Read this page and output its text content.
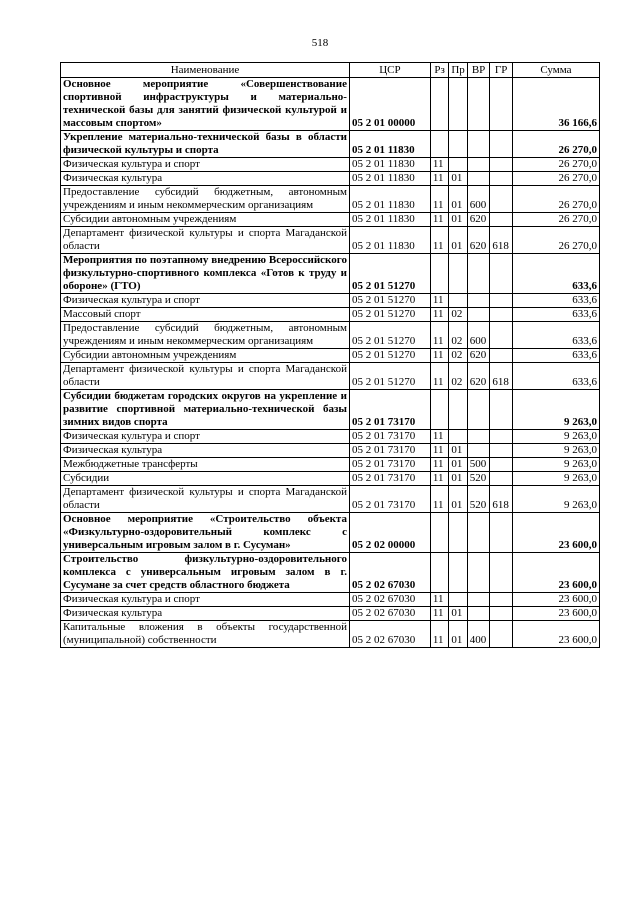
518
Наименование	ЦСР	Рз	Пр	ВР	ГР	Сумма
Основное мероприятие «Совершенствование спортивной инфраструктуры и материально-технической базы для занятий физической культурой и массовым спортом»	05 2 01 00000					36 166,6
Укрепление материально-технической базы в области физической культуры и спорта	05 2 01 11830					26 270,0
Физическая культура и спорт	05 2 01 11830	11				26 270,0
Физическая культура	05 2 01 11830	11	01			26 270,0
Предоставление субсидий бюджетным, автономным учреждениям и иным некоммерческим организациям	05 2 01 11830	11	01	600		26 270,0
Субсидии автономным учреждениям	05 2 01 11830	11	01	620		26 270,0
Департамент физической культуры и спорта Магаданской области	05 2 01 11830	11	01	620	618	26 270,0
Мероприятия по поэтапному внедрению Всероссийского физкультурно-спортивного комплекса «Готов к труду и обороне» (ГТО)	05 2 01 51270					633,6
Физическая культура и спорт	05 2 01 51270	11				633,6
Массовый спорт	05 2 01 51270	11	02			633,6
Предоставление субсидий бюджетным, автономным учреждениям и иным некоммерческим организациям	05 2 01 51270	11	02	600		633,6
Субсидии автономным учреждениям	05 2 01 51270	11	02	620		633,6
Департамент физической культуры и спорта Магаданской области	05 2 01 51270	11	02	620	618	633,6
Субсидии бюджетам городских округов на укрепление и развитие спортивной материально-технической базы зимних видов спорта	05 2 01 73170					9 263,0
Физическая культура и спорт	05 2 01 73170	11				9 263,0
Физическая культура	05 2 01 73170	11	01			9 263,0
Межбюджетные трансферты	05 2 01 73170	11	01	500		9 263,0
Субсидии	05 2 01 73170	11	01	520		9 263,0
Департамент физической культуры и спорта Магаданской области	05 2 01 73170	11	01	520	618	9 263,0
Основное мероприятие «Строительство объекта «Физкультурно-оздоровительный комплекс с универсальным игровым залом в г. Сусуман»	05 2 02 00000					23 600,0
Строительство физкультурно-оздоровительного комплекса с универсальным игровым залом в г. Сусумане за счет средств областного бюджета	05 2 02 67030					23 600,0
Физическая культура и спорт	05 2 02 67030	11				23 600,0
Физическая культура	05 2 02 67030	11	01			23 600,0
Капитальные вложения в объекты государственной (муниципальной) собственности	05 2 02 67030	11	01	400		23 600,0
